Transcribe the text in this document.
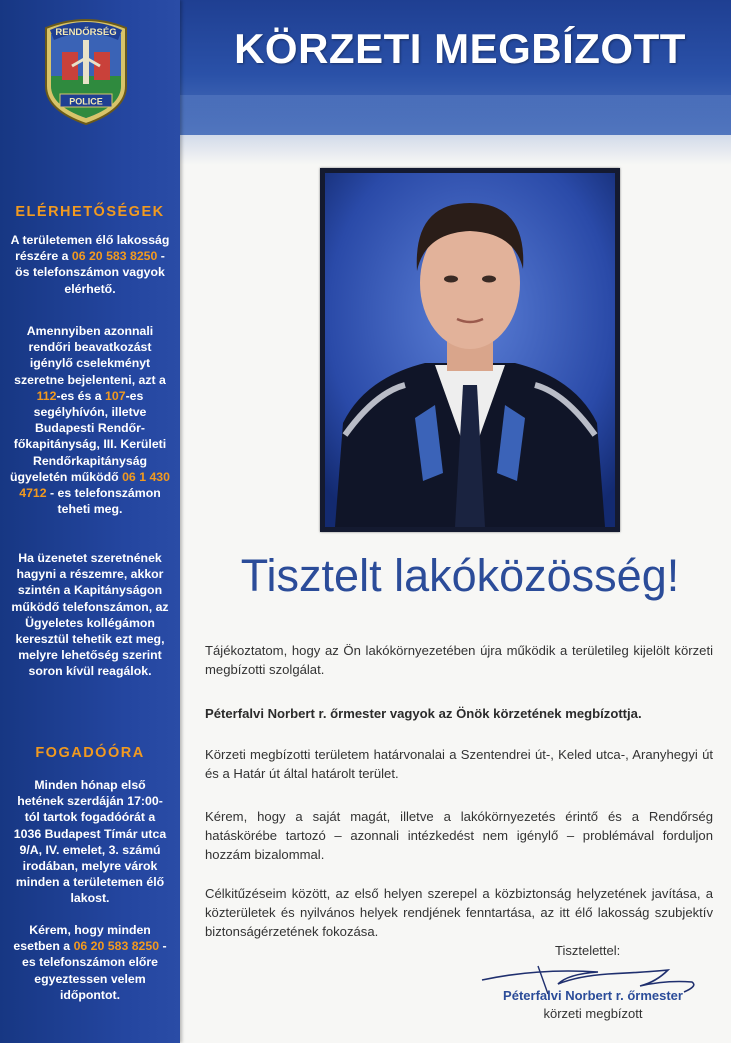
KÖRZETI MEGBÍZOTT
RENDŐRSÉG
POLICE
ELÉRHETŐSÉGEK
A területemen élő lakosság részére a 06 20 583 8250 - ös telefonszámon vagyok elérhető.
Amennyiben azonnali rendőri beavatkozást igénylő cselekményt szeretne bejelenteni, azt a 112-es és a 107-es segélyhívón, illetve Budapesti Rendőr-főkapitányság, III. Kerületi Rendőrkapitányság ügyeletén működő 06 1 430 4712 - es telefonszámon teheti meg.
Ha üzenetet szeretnének hagyni a részemre, akkor szintén a Kapitányságon működő telefonszámon, az Ügyeletes kollégámon keresztül tehetik ezt meg, melyre lehetőség szerint soron kívül reagálok.
FOGADÓÓRA
Minden hónap első hetének szerdáján 17:00-tól tartok fogadóórát a 1036 Budapest Tímár utca 9/A, IV. emelet, 3. számú irodában, melyre várok minden a területemen élő lakost.
Kérem, hogy minden esetben a 06 20 583 8250 - es telefonszámon előre egyeztessen velem időpontot.
Tisztelt lakóközösség!
Tájékoztatom, hogy az Ön lakókörnyezetében újra működik a területileg kijelölt körzeti megbízotti szolgálat.
Péterfalvi Norbert r. őrmester vagyok az Önök körzetének megbízottja.
Körzeti megbízotti területem határvonalai a Szentendrei út-, Keled utca-, Aranyhegyi út és a Határ út által határolt terület.
Kérem, hogy a saját magát, illetve a lakókörnyezetés érintő és a Rendőrség hatáskörébe tartozó – azonnali intézkedést nem igénylő – problémával forduljon hozzám bizalommal.
Célkitűzéseim között, az első helyen szerepel a közbiztonság helyzetének javítása, a közterületek és nyilvános helyek rendjének fenntartása, az itt élő lakosság szubjektív biztonságérzetének fokozása.
Tisztelettel:
Péterfalvi Norbert r. őrmester
körzeti megbízott
